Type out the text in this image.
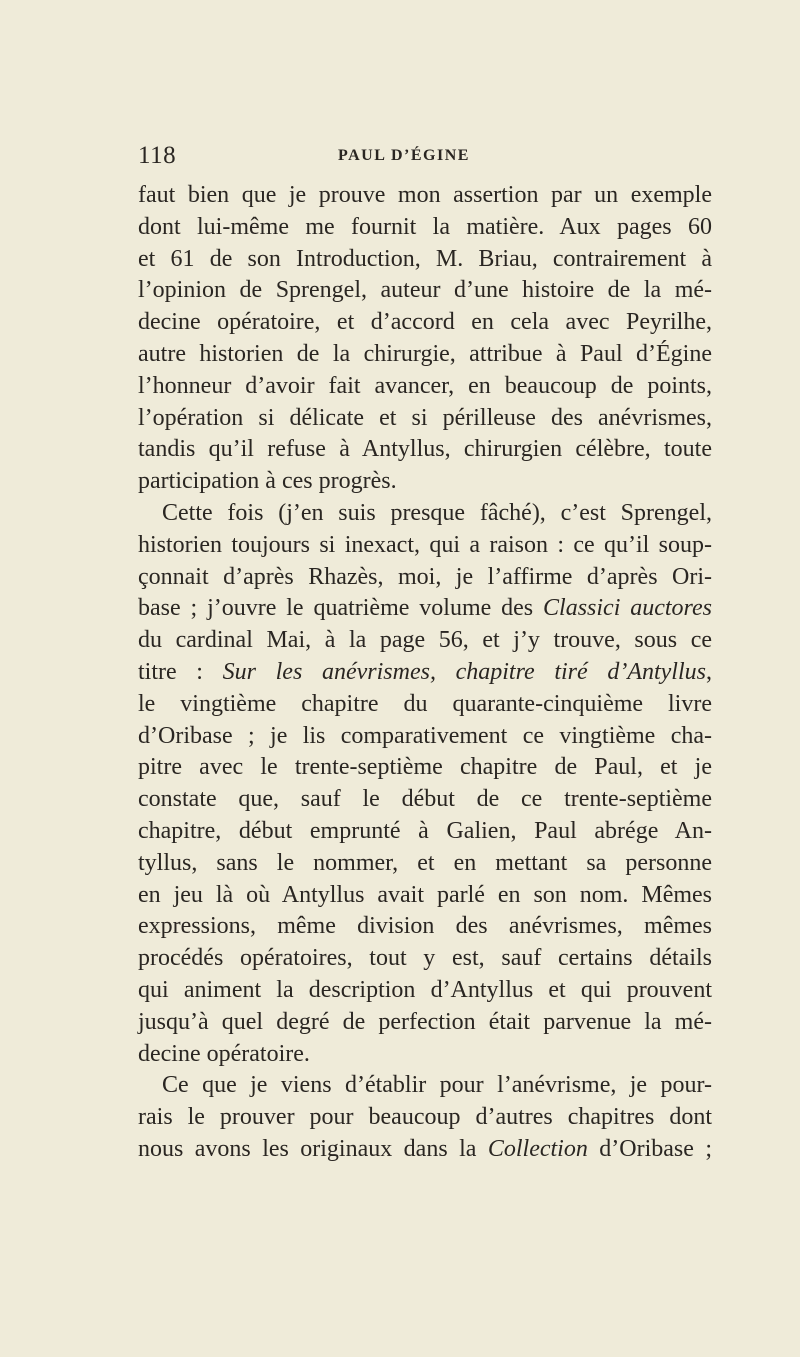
118	PAUL D’ÉGINE
faut bien que je prouve mon assertion par un exemple
dont lui-même me fournit la matière. Aux pages 60
et 61 de son Introduction, M. Briau, contrairement à
l’opinion de Sprengel, auteur d’une histoire de la mé-
decine opératoire, et d’accord en cela avec Peyrilhe,
autre historien de la chirurgie, attribue à Paul d’Égine
l’honneur d’avoir fait avancer, en beaucoup de points,
l’opération si délicate et si périlleuse des anévrismes,
tandis qu’il refuse à Antyllus, chirurgien célèbre, toute
participation à ces progrès.
Cette fois (j’en suis presque fâché), c’est Sprengel,
historien toujours si inexact, qui a raison : ce qu’il soup-
çonnait d’après Rhazès, moi, je l’affirme d’après Ori-
base ; j’ouvre le quatrième volume des Classici auctores
du cardinal Mai, à la page 56, et j’y trouve, sous ce
titre : Sur les anévrismes, chapitre tiré d’Antyllus,
le vingtième chapitre du quarante-cinquième livre
d’Oribase ; je lis comparativement ce vingtième cha-
pitre avec le trente-septième chapitre de Paul, et je
constate que, sauf le début de ce trente-septième
chapitre, début emprunté à Galien, Paul abrége An-
tyllus, sans le nommer, et en mettant sa personne
en jeu là où Antyllus avait parlé en son nom. Mêmes
expressions, même division des anévrismes, mêmes
procédés opératoires, tout y est, sauf certains détails
qui animent la description d’Antyllus et qui prouvent
jusqu’à quel degré de perfection était parvenue la mé-
decine opératoire.
Ce que je viens d’établir pour l’anévrisme, je pour-
rais le prouver pour beaucoup d’autres chapitres dont
nous avons les originaux dans la Collection d’Oribase ;
